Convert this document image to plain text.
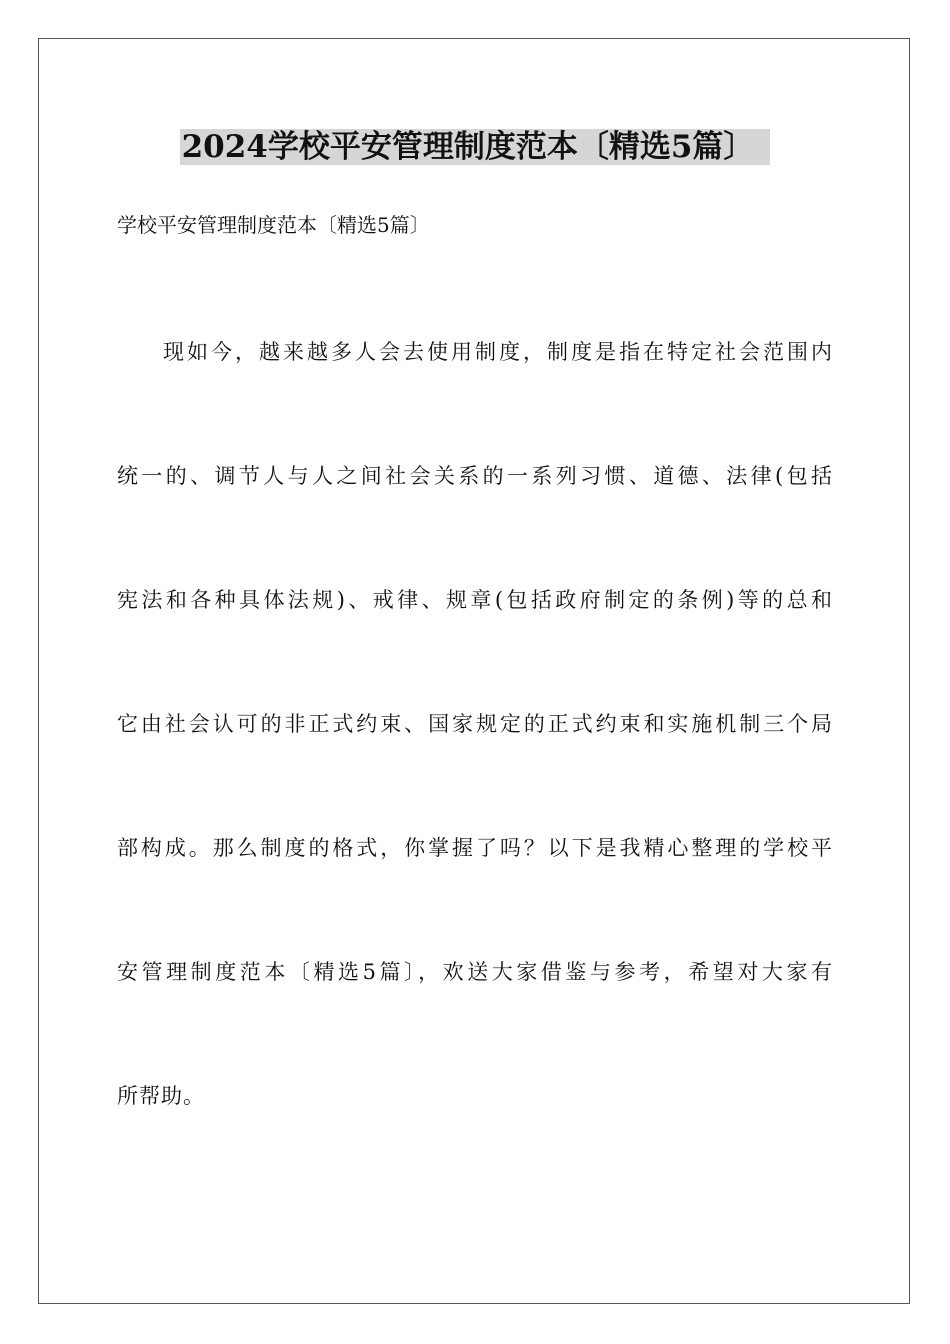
2024学校平安管理制度范本〔精选5篇〕

学校平安管理制度范本〔精选5篇〕

现如今，越来越多人会去使用制度，制度是指在特定社会范围内

统一的、调节人与人之间社会关系的一系列习惯、道德、法律(包括

宪法和各种具体法规)、戒律、规章(包括政府制定的条例)等的总和

它由社会认可的非正式约束、国家规定的正式约束和实施机制三个局

部构成。那么制度的格式，你掌握了吗？以下是我精心整理的学校平

安管理制度范本〔精选5篇〕，欢送大家借鉴与参考，希望对大家有

所帮助。
